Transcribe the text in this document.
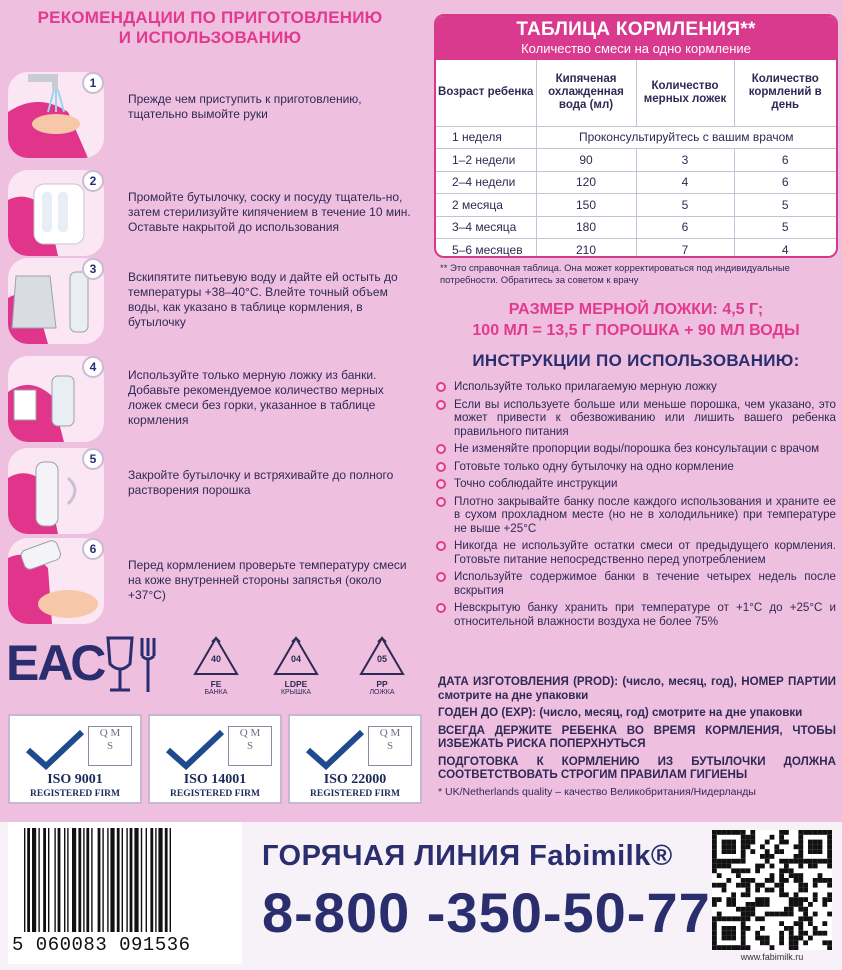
РЕКОМЕНДАЦИИ ПО ПРИГОТОВЛЕНИЮ
И ИСПОЛЬЗОВАНИЮ
1
Прежде чем приступить к приготовлению, тщательно вымойте руки
2
Промойте бутылочку, соску и посуду тщатель-но, затем стерилизуйте кипячением в течение 10 мин. Оставьте накрытой до использования
3
Вскипятите питьевую воду и дайте ей остыть до температуры +38–40°С. Влейте точный объем воды, как указано в таблице кормления, в бутылочку
4
Используйте только мерную ложку из банки. Добавьте рекомендуемое количество мерных ложек смеси без горки, указанное в таблице кормления
5
Закройте бутылочку и встряхивайте до полного растворения порошка
6
Перед кормлением проверьте температуру смеси на коже внутренней стороны запястья (около +37°С)
ЕАС	40
FE
БАНКА
04
LDPE
КРЫШКА
05
PP
ЛОЖКА
Q M
S
ISO 9001
REGISTERED FIRM
Q M
S
ISO 14001
REGISTERED FIRM
Q M
S
ISO 22000
REGISTERED FIRM
ТАБЛИЦА КОРМЛЕНИЯ**
Количество смеси на одно кормление
Возраст ребенка	Кипяченая охлажденная вода (мл)	Количество мерных ложек	Количество кормлений в день
1 неделя	Проконсультируйтесь с вашим врачом		
1–2 недели	90	3	6
2–4 недели	120	4	6
2 месяца	150	5	5
3–4 месяца	180	6	5
5–6 месяцев	210	7	4
** Это справочная таблица. Она может корректироваться под индивидуальные потребности. Обратитесь за советом к врачу
РАЗМЕР МЕРНОЙ ЛОЖКИ: 4,5 Г;
100 МЛ = 13,5 Г ПОРОШКА + 90 МЛ ВОДЫ
ИНСТРУКЦИИ ПО ИСПОЛЬЗОВАНИЮ:
Используйте только прилагаемую мерную ложку
Если вы используете больше или меньше порошка, чем указано, это может привести к обезвоживанию или лишить вашего ребенка правильного питания
Не изменяйте пропорции воды/порошка без консультации с врачом
Готовьте только одну бутылочку на одно кормление
Точно соблюдайте инструкции
Плотно закрывайте банку после каждого использования и храните ее в сухом прохладном месте (но не в холодильнике) при температуре не выше +25°С
Никогда не используйте остатки смеси от предыдущего кормления. Готовьте питание непосредственно перед употреблением
Используйте содержимое банки в течение четырех недель после вскрытия
Невскрытую банку хранить при температуре от +1°С до +25°С и относительной влажности воздуха не более 75%

ДАТА ИЗГОТОВЛЕНИЯ (PROD): (число, месяц, год), НОМЕР ПАРТИИ смотрите на дне упаковки

ГОДЕН ДО (EXP): (число, месяц, год) смотрите на дне упаковки

ВСЕГДА ДЕРЖИТЕ РЕБЕНКА ВО ВРЕМЯ КОРМЛЕНИЯ, ЧТОБЫ ИЗБЕЖАТЬ РИСКА ПОПЕРХНУТЬСЯ

ПОДГОТОВКА К КОРМЛЕНИЮ ИЗ БУТЫЛОЧКИ ДОЛЖНА СООТВЕТСТВОВАТЬ СТРОГИМ ПРАВИЛАМ ГИГИЕНЫ

* UK/Netherlands quality – качество Великобритания/Нидерланды

5 060083 091536
ГОРЯЧАЯ ЛИНИЯ Fabimilk®
8-800 -350-50-77
www.fabimilk.ru
